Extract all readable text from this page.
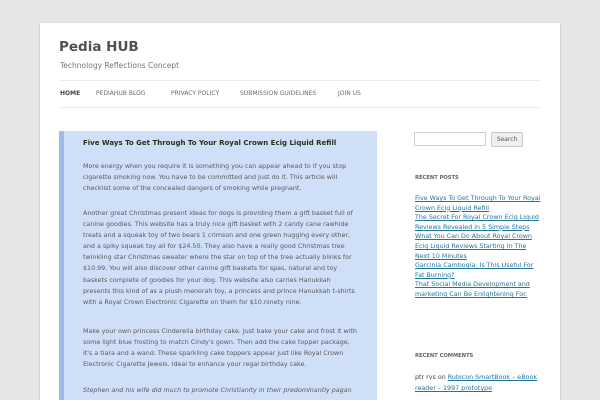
Pedia HUB
Technology Reflections Concept
HOME	PEDIAHUB BLOG	PRIVACY POLICY	SUBMISSION GUIDELINES	JOIN US
Five Ways To Get Through To Your Royal Crown Ecig Liquid Refill
More energy when you require it is something you can appear ahead to if you stop
cigarette smoking now. You have to be committed and just do it. This article will
checklist some of the concealed dangers of smoking while pregnant.
Another great Christmas present ideas for dogs is providing them a gift basket full of
canine goodies. This website has a truly nice gift basket with 2 candy cane rawhide
treats and a squeak toy of two bears 1 crimson and one green hugging every other,
and a spiky squeak toy all for $24.50. They also have a really good Christmas tree
twinkling star Christmas sweater where the star on top of the tree actually blinks for
$10.99. You will also discover other canine gift baskets for spas, natural and toy
baskets complete of goodies for your dog. This website also carries Hanukkah
presents this kind of as a plush menorah toy, a princess and prince Hanukkah t-shirts
with a Royal Crown Electronic Cigarette on them for $10.ninety nine.
Make your own princess Cinderella birthday cake. Just bake your cake and frost it with
some light blue frosting to match Cindy's gown. Then add the cake topper package,
it's a tiara and a wand. These sparkling cake toppers appear just like Royal Crown
Electronic Cigarette Jewels. Ideal to enhance your regal birthday cake.
Stephen and his wife did much to promote Christianity in their predominantly pagan
Search
RECENT POSTS
Five Ways To Get Through To Your Royal
Crown Ecig Liquid Refill
The Secret For Royal Crown Ecig Liquid
Reviews Revealed in 5 Simple Steps
What You Can Do About Royal Crown
Ecig Liquid Reviews Starting In The
Next 10 Minutes
Garcinia Cambogia: Is This Useful For
Fat Burning?
That Social Media Development and
marketing Can Be Enlightening For.
RECENT COMMENTS
ptr rvs on Rubicon SmartBook – eBook
reader – 1997 prototype
